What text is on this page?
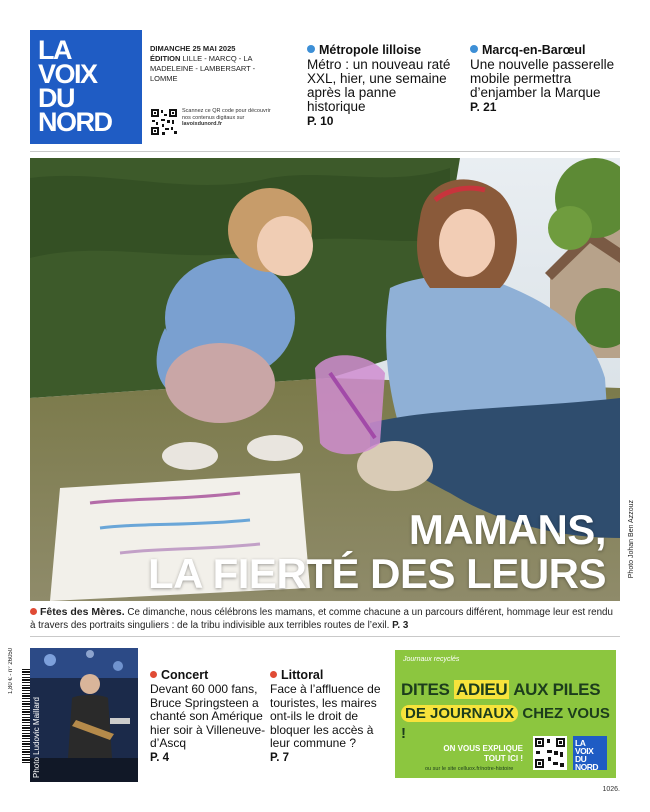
LA
VOIX
DU
NORD
DIMANCHE 25 MAI 2025
ÉDITION LILLE - MARCQ - LA MADELEINE - LAMBERSART - LOMME
Scannez ce QR code pour découvrir nos contenus digitaux sur lavoixdunord.fr
Métropole lilloise
Métro : un nouveau raté XXL, hier, une semaine après la panne historique
P. 10
Marcq-en-Barœul
Une nouvelle passerelle mobile permettra d’enjamber la Marque
P. 21
MAMANS,
LA FIERTÉ DES LEURS	Photo Johan Ben Azzouz
Fêtes des Mères. Ce dimanche, nous célébrons les mamans, et comme chacune a un parcours différent, hommage leur est rendu à travers des portraits singuliers : de la tribu indivisible aux terribles routes de l’exil. P. 3
1,80 € - n° 26050	Concert
Devant 60 000 fans, Bruce Springsteen a chanté son Amérique hier soir à Villeneuve-d’Ascq
P. 4
Littoral
Face à l’affluence de touristes, les maires ont-ils le droit de bloquer les accès à leur commune ?
P. 7
Journaux recyclés
DITES ADIEU AUX PILES
DE JOURNAUX CHEZ VOUS !
ON VOUS EXPLIQUE TOUT ICI !
ou sur le site celluox.fr/notre-histoire
LA
VOIX
DU
NORD
1026.
